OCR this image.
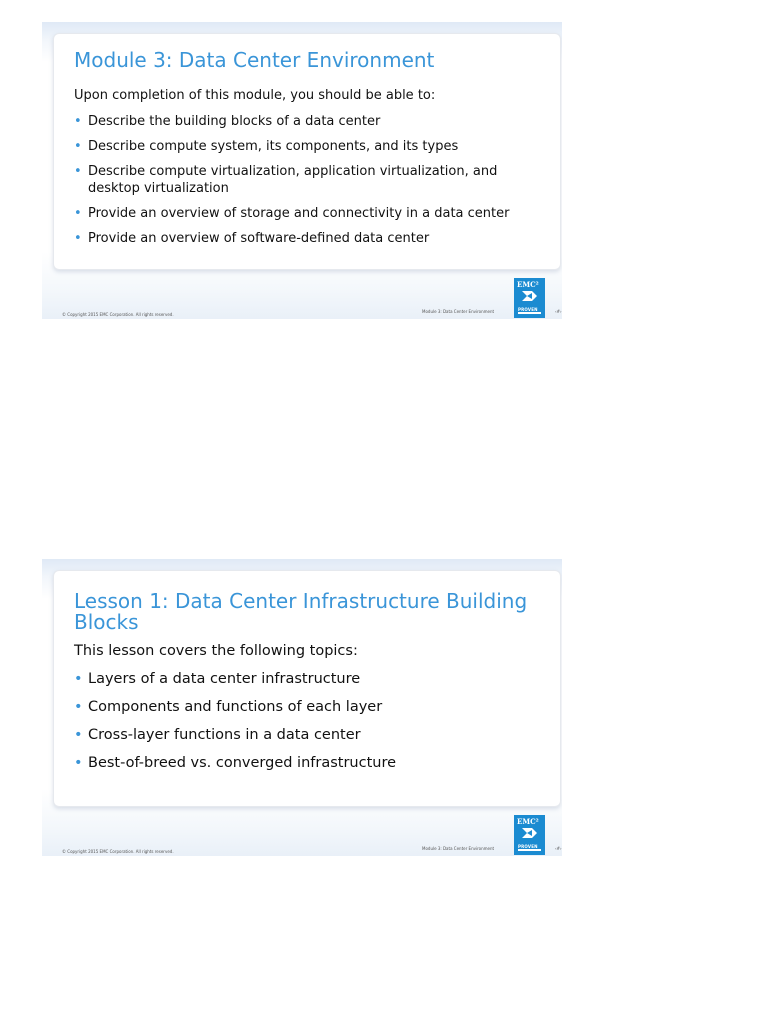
Module 3: Data Center Environment

Upon completion of this module, you should be able to:

• Describe the building blocks of a data center
• Describe compute system, its components, and its types
• Describe compute virtualization, application virtualization, and desktop virtualization
• Provide an overview of storage and connectivity in a data center
• Provide an overview of software-defined data center
© Copyright 2015 EMC Corporation. All rights reserved.
Module 3: Data Center Environment
EMC²
PROVEN	‹#›
Lesson 1: Data Center Infrastructure Building Blocks

This lesson covers the following topics:

• Layers of a data center infrastructure
• Components and functions of each layer
• Cross-layer functions in a data center
• Best-of-breed vs. converged infrastructure
© Copyright 2015 EMC Corporation. All rights reserved.
Module 3: Data Center Environment
EMC²
PROVEN	‹#›
